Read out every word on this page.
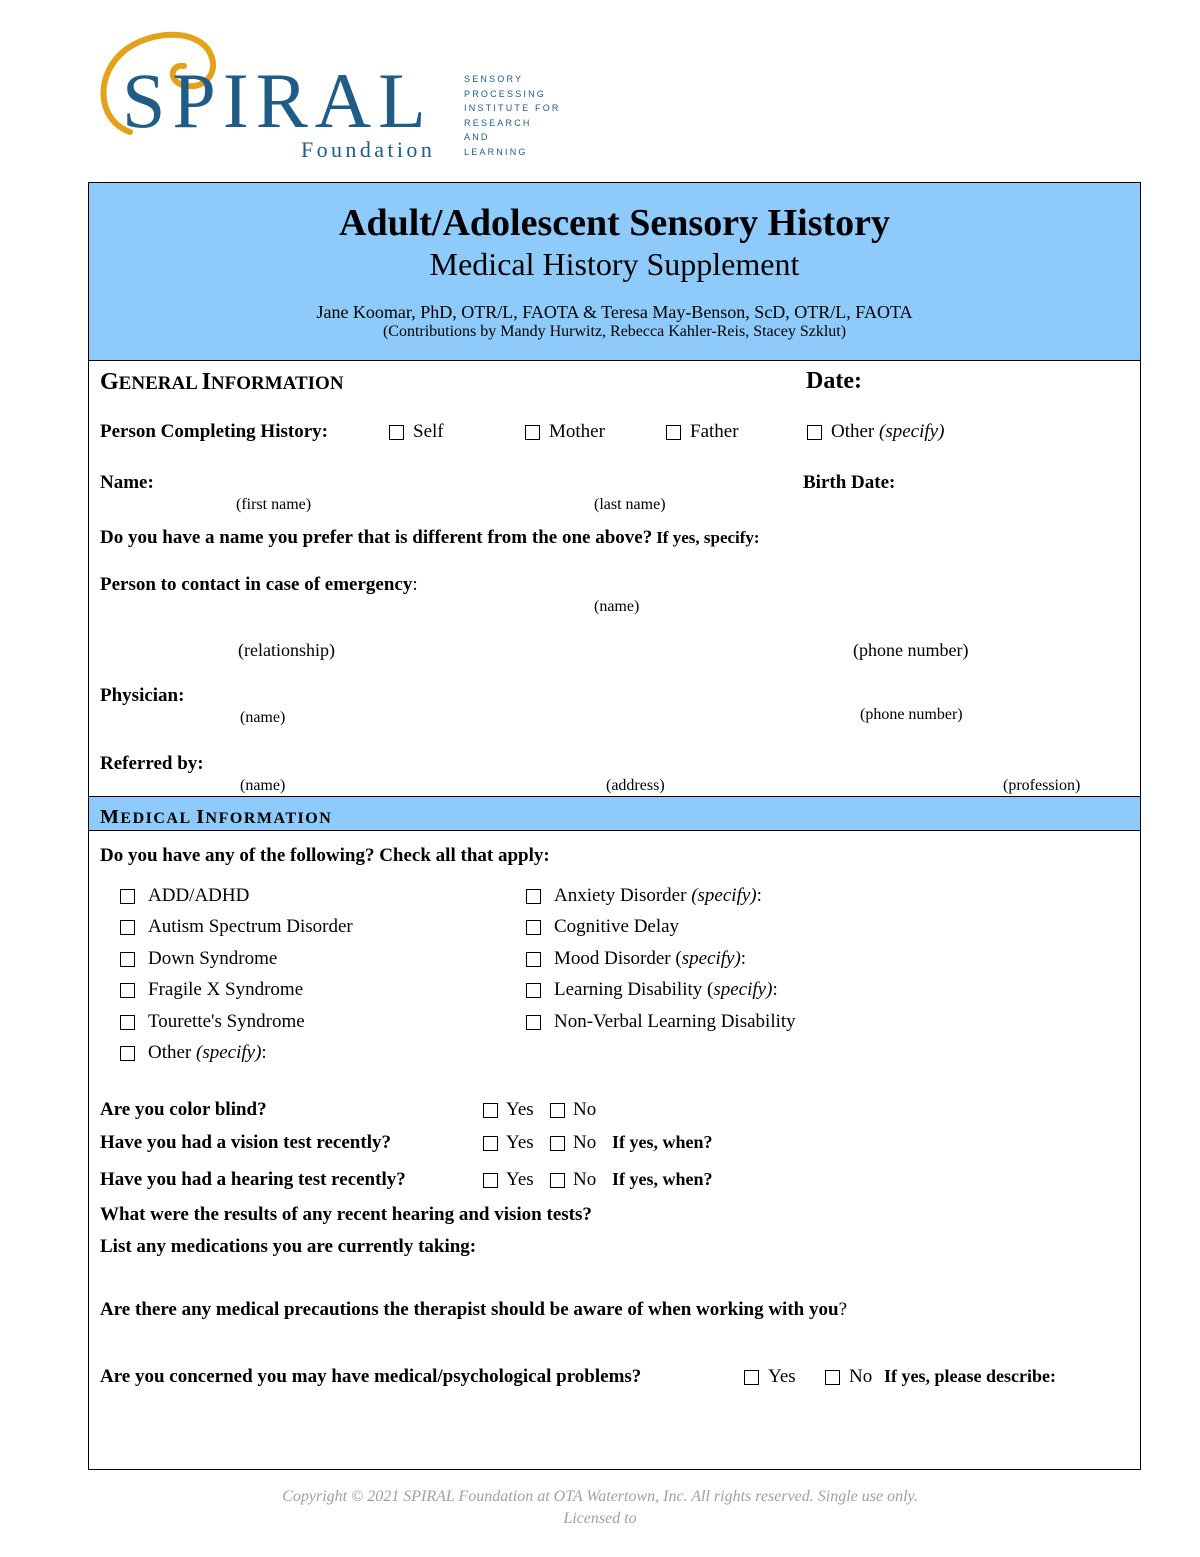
SPIRAL
Foundation
SENSORY
PROCESSING
INSTITUTE FOR
RESEARCH
AND
LEARNING
Adult/Adolescent Sensory History
Medical History Supplement
Jane Koomar, PhD, OTR/L, FAOTA & Teresa May-Benson, ScD, OTR/L, FAOTA
(Contributions by Mandy Hurwitz, Rebecca Kahler-Reis, Stacey Szklut)
GENERAL INFORMATION	Date:
Person Completing History:	Self	Mother	Father	Other (specify)
Name:
(first name)	(last name)
Birth Date:
Do you have a name you prefer that is different from the one above? If yes, specify:
Person to contact in case of emergency:
(name)
(relationship)	(phone number)
Physician:
(name)	(phone number)
Referred by:
(name)	(address)	(profession)
MEDICAL INFORMATION
Do you have any of the following? Check all that apply:
ADD/ADHD
Autism Spectrum Disorder
Down Syndrome
Fragile X Syndrome
Tourette's Syndrome
Other (specify):
Anxiety Disorder (specify):
Cognitive Delay
Mood Disorder (specify):
Learning Disability (specify):
Non-Verbal Learning Disability
Are you color blind?	Yes No
Have you had a vision test recently?	Yes No If yes, when?
Have you had a hearing test recently?	Yes No If yes, when?
What were the results of any recent hearing and vision tests?
List any medications you are currently taking:
Are there any medical precautions the therapist should be aware of when working with you?
Are you concerned you may have medical/psychological problems?	Yes	No If yes, please describe:
Copyright © 2021 SPIRAL Foundation at OTA Watertown, Inc. All rights reserved. Single use only.
Licensed to
